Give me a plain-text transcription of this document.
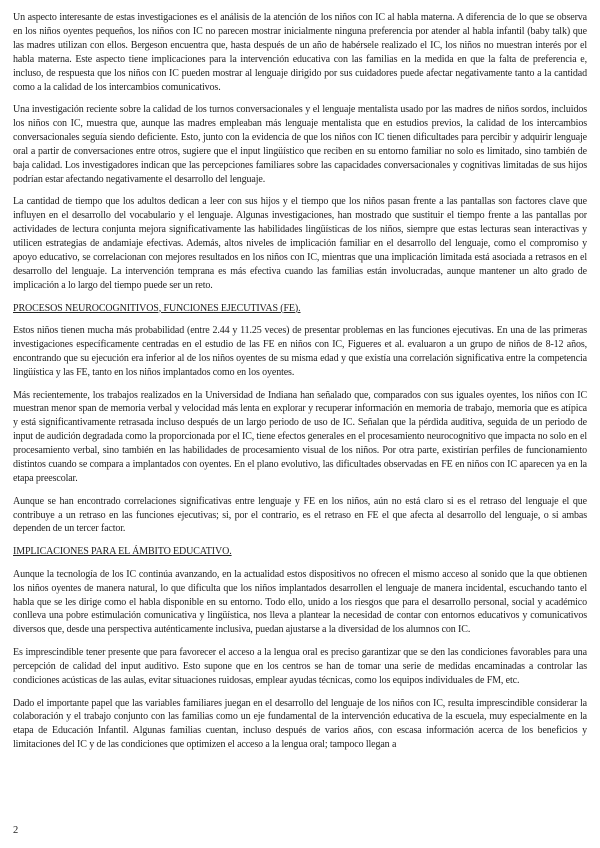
Un aspecto interesante de estas investigaciones es el análisis de la atención de los niños con IC al habla materna. A diferencia de lo que se observa en los niños oyentes pequeños, los niños con IC no parecen mostrar inicialmente ninguna preferencia por atender al habla infantil (baby talk) que las madres utilizan con ellos. Bergeson encuentra que, hasta después de un año de habérsele realizado el IC, los niños no muestran interés por el habla materna. Este aspecto tiene implicaciones para la intervención educativa con las familias en la medida en que la falta de preferencia e, incluso, de respuesta que los niños con IC pueden mostrar al lenguaje dirigido por sus cuidadores puede afectar negativamente tanto a la cantidad como a la calidad de los intercambios comunicativos.

Una investigación reciente sobre la calidad de los turnos conversacionales y el lenguaje mentalista usado por las madres de niños sordos, incluidos los niños con IC, muestra que, aunque las madres empleaban más lenguaje mentalista que en estudios previos, la calidad de los intercambios conversacionales seguía siendo deficiente. Esto, junto con la evidencia de que los niños con IC tienen dificultades para percibir y adquirir lenguaje oral a partir de conversaciones entre otros, sugiere que el input lingüístico que reciben en su entorno familiar no solo es limitado, sino también de baja calidad. Los investigadores indican que las percepciones familiares sobre las capacidades conversacionales y cognitivas limitadas de sus hijos podrían estar afectando negativamente el desarrollo del lenguaje.

La cantidad de tiempo que los adultos dedican a leer con sus hijos y el tiempo que los niños pasan frente a las pantallas son factores clave que influyen en el desarrollo del vocabulario y el lenguaje. Algunas investigaciones, han mostrado que sustituir el tiempo frente a las pantallas por actividades de lectura conjunta mejora significativamente las habilidades lingüísticas de los niños, siempre que estas lecturas sean interactivas y utilicen estrategias de andamiaje efectivas. Además, altos niveles de implicación familiar en el desarrollo del lenguaje, como el compromiso y apoyo educativo, se correlacionan con mejores resultados en los niños con IC, mientras que una implicación limitada está asociada a retrasos en el desarrollo del lenguaje. La intervención temprana es más efectiva cuando las familias están involucradas, aunque mantener un alto grado de implicación a lo largo del tiempo puede ser un reto.

PROCESOS NEUROCOGNITIVOS, FUNCIONES EJECUTIVAS (FE).

Estos niños tienen mucha más probabilidad (entre 2.44 y 11.25 veces) de presentar problemas en las funciones ejecutivas. En una de las primeras investigaciones específicamente centradas en el estudio de las FE en niños con IC, Figueres et al. evaluaron a un grupo de niños de 8-12 años, encontrando que su ejecución era inferior al de los niños oyentes de su misma edad y que existía una correlación significativa entre la competencia lingüística y las FE, tanto en los niños implantados como en los oyentes.

Más recientemente, los trabajos realizados en la Universidad de Indiana han señalado que, comparados con sus iguales oyentes, los niños con IC muestran menor span de memoria verbal y velocidad más lenta en explorar y recuperar información en memoria de trabajo, memoria que es atípica y está significantivamente retrasada incluso después de un largo periodo de uso de IC. Señalan que la pérdida auditiva, seguida de un periodo de input de audición degradada como la proporcionada por el IC, tiene efectos generales en el procesamiento neurocognitivo que impacta no solo en el procesamiento verbal, sino también en las habilidades de procesamiento visual de los niños. Por otra parte, existirían perfiles de funcionamiento distintos cuando se compara a implantados con oyentes. En el plano evolutivo, las dificultades observadas en FE en niños con IC aparecen ya en la etapa preescolar.

Aunque se han encontrado correlaciones significativas entre lenguaje y FE en los niños, aún no está claro si es el retraso del lenguaje el que contribuye a un retraso en las funciones ejecutivas; si, por el contrario, es el retraso en FE el que afecta al desarrollo del lenguaje, o si ambas dependen de un tercer factor.

IMPLICACIONES PARA EL ÁMBITO EDUCATIVO.

Aunque la tecnología de los IC continúa avanzando, en la actualidad estos dispositivos no ofrecen el mismo acceso al sonido que la que obtienen los niños oyentes de manera natural, lo que dificulta que los niños implantados desarrollen el lenguaje de manera incidental, escuchando tanto el habla que se les dirige como el habla disponible en su entorno. Todo ello, unido a los riesgos que para el desarrollo personal, social y académico conlleva una pobre estimulación comunicativa y lingüística, nos lleva a plantear la necesidad de contar con entornos educativos y comunicativos diversos que, desde una perspectiva auténticamente inclusiva, puedan ajustarse a la diversidad de los alumnos con IC.

Es imprescindible tener presente que para favorecer el acceso a la lengua oral es preciso garantizar que se den las condiciones favorables para una percepción de calidad del input auditivo. Esto supone que en los centros se han de tomar una serie de medidas encaminadas a controlar las condiciones acústicas de las aulas, evitar situaciones ruidosas, emplear ayudas técnicas, como los equipos individuales de FM, etc.

Dado el importante papel que las variables familiares juegan en el desarrollo del lenguaje de los niños con IC, resulta imprescindible considerar la colaboración y el trabajo conjunto con las familias como un eje fundamental de la intervención educativa de la escuela, muy especialmente en la etapa de Educación Infantil. Algunas familias cuentan, incluso después de varios años, con escasa información acerca de los beneficios y limitaciones del IC y de las condiciones que optimizen el acceso a la lengua oral; tampoco llegan a

2
